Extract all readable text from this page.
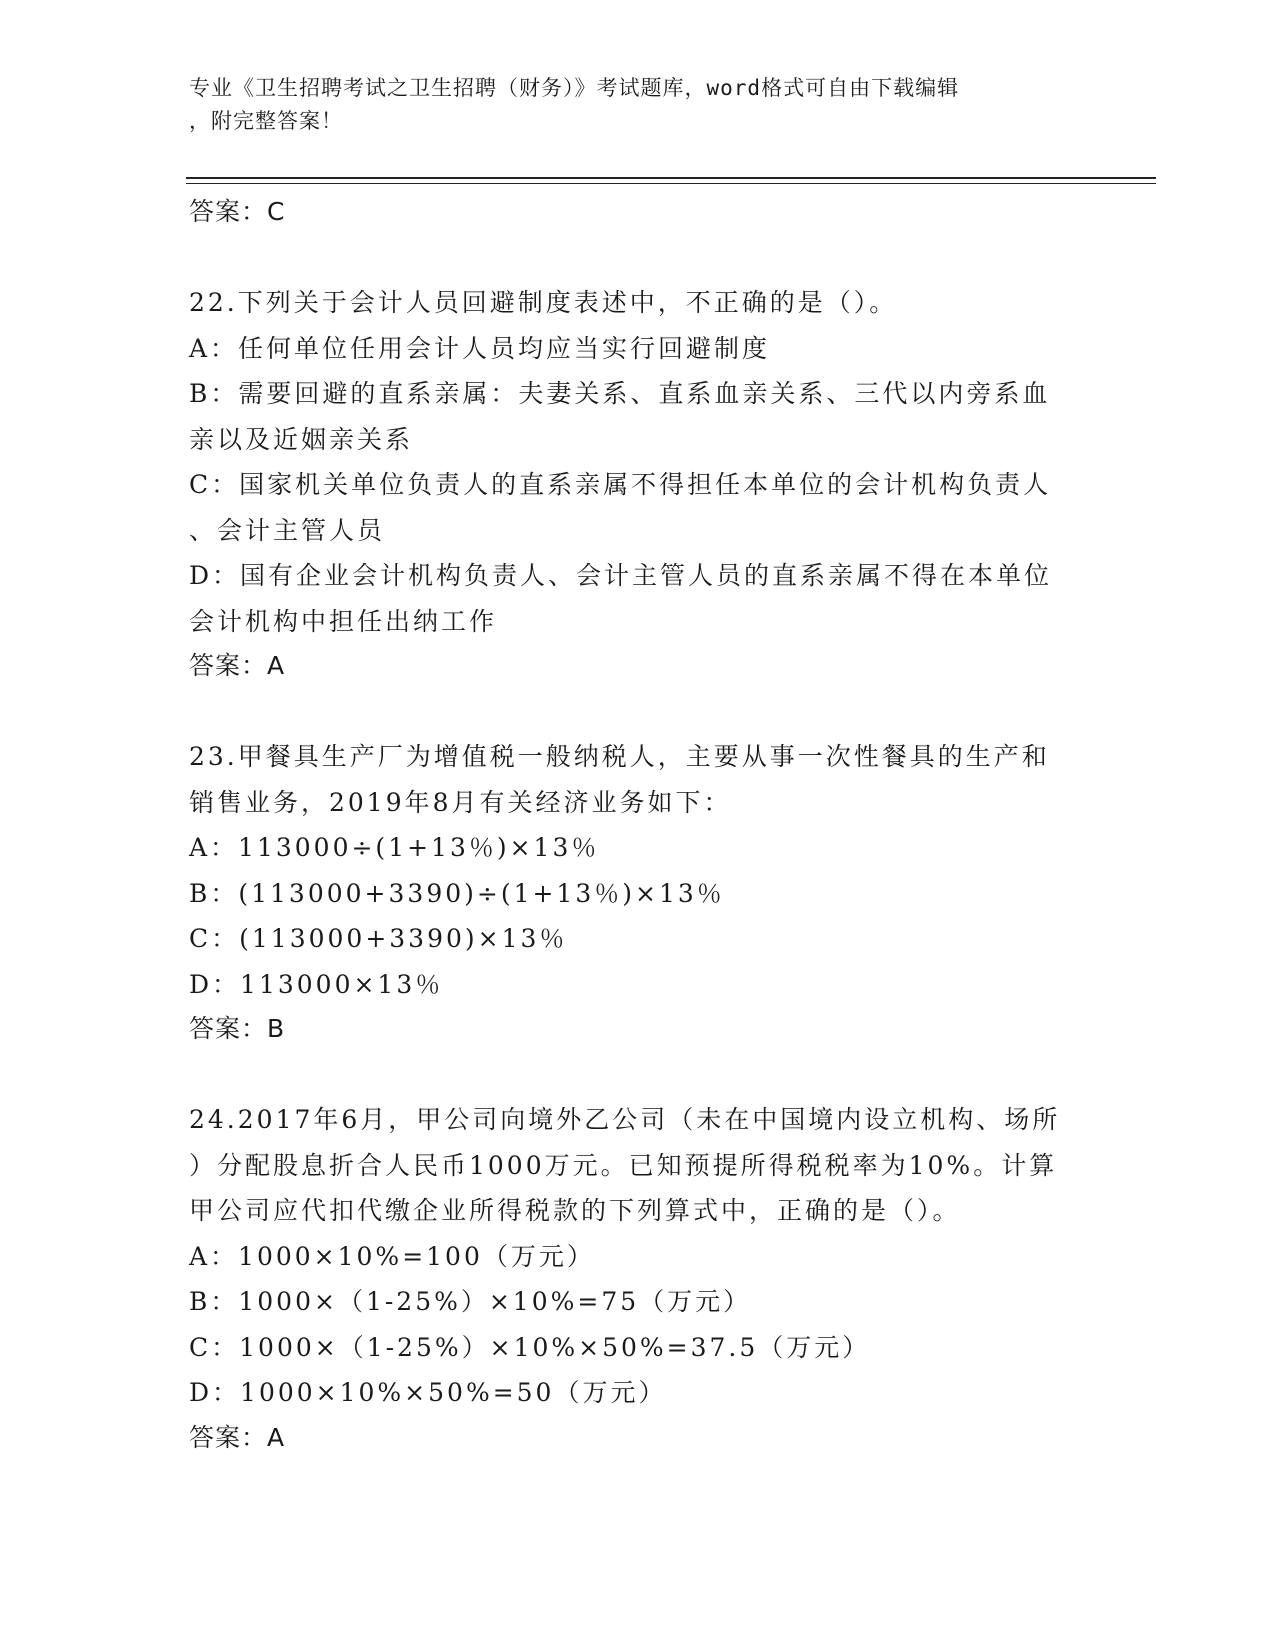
专业《卫生招聘考试之卫生招聘（财务）》考试题库，word格式可自由下载编辑
，附完整答案！
答案：C
22.下列关于会计人员回避制度表述中，不正确的是（）。
A：任何单位任用会计人员均应当实行回避制度
B：需要回避的直系亲属：夫妻关系、直系血亲关系、三代以内旁系血
亲以及近姻亲关系
C：国家机关单位负责人的直系亲属不得担任本单位的会计机构负责人
、会计主管人员
D：国有企业会计机构负责人、会计主管人员的直系亲属不得在本单位
会计机构中担任出纳工作
答案：A
23.甲餐具生产厂为增值税一般纳税人，主要从事一次性餐具的生产和
销售业务，2019年8月有关经济业务如下：
A：113000÷(1+13％)×13％
B：(113000+3390)÷(1+13％)×13％
C：(113000+3390)×13％
D：113000×13％
答案：B
24.2017年6月，甲公司向境外乙公司（未在中国境内设立机构、场所
）分配股息折合人民币1000万元。已知预提所得税税率为10%。计算
甲公司应代扣代缴企业所得税款的下列算式中，正确的是（）。
A：1000×10%=100（万元）
B：1000×（1-25%）×10%=75（万元）
C：1000×（1-25%）×10%×50%=37.5（万元）
D：1000×10%×50%=50（万元）
答案：A
